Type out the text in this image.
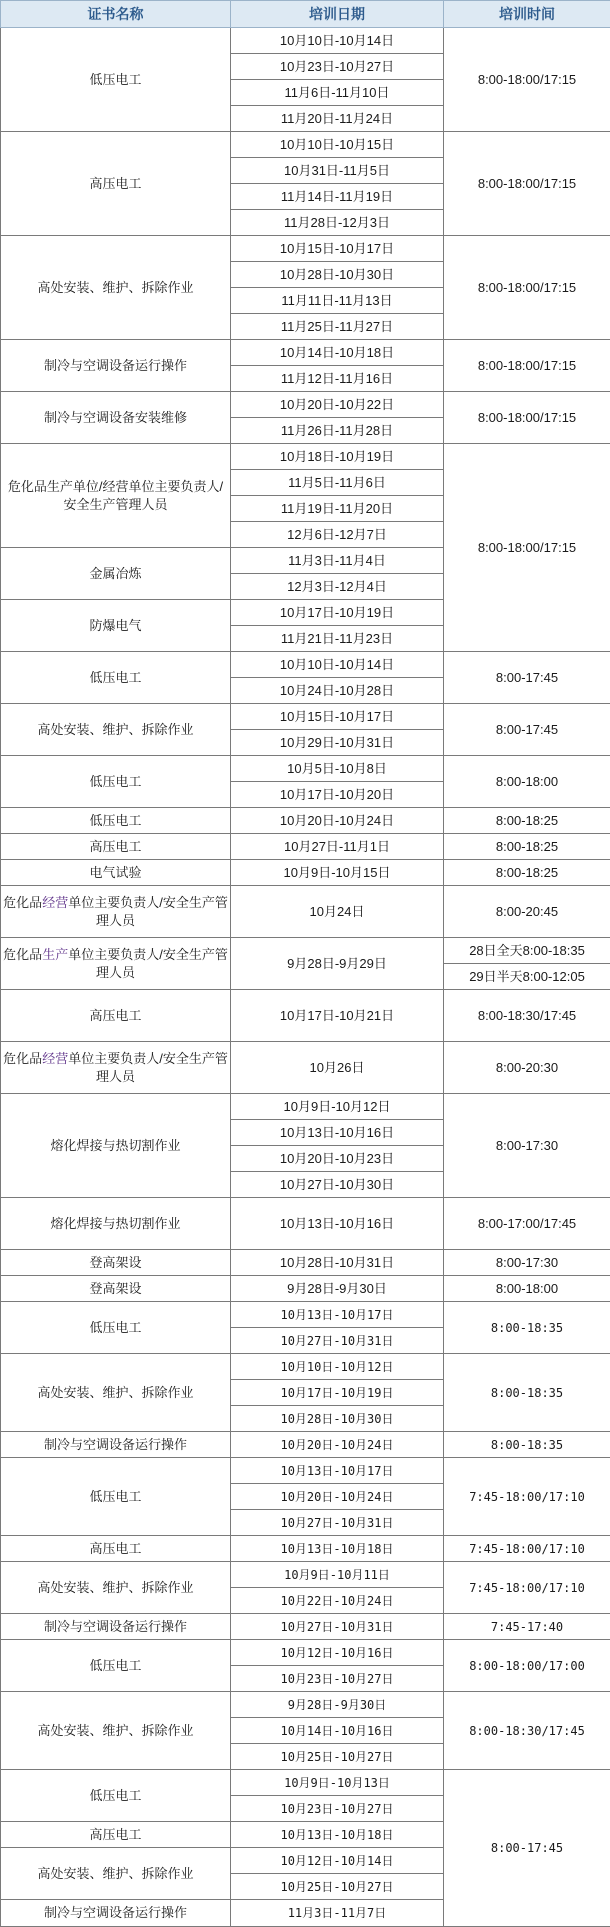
证书名称	培训日期	培训时间
低压电工	10月10日-10月14日	8:00-18:00/17:15
	10月23日-10月27日	
	11月6日-11月10日	
	11月20日-11月24日	
高压电工	10月10日-10月15日	8:00-18:00/17:15
	10月31日-11月5日	
	11月14日-11月19日	
	11月28日-12月3日	
高处安装、维护、拆除作业	10月15日-10月17日	8:00-18:00/17:15
	10月28日-10月30日	
	11月11日-11月13日	
	11月25日-11月27日	
制冷与空调设备运行操作	10月14日-10月18日	8:00-18:00/17:15
	11月12日-11月16日	
制冷与空调设备安装维修	10月20日-10月22日	8:00-18:00/17:15
	11月26日-11月28日	
危化品生产单位/经营单位主要负责人/安全生产管理人员	10月18日-10月19日	8:00-18:00/17:15
	11月5日-11月6日	
	11月19日-11月20日	
	12月6日-12月7日	
金属冶炼	11月3日-11月4日	
	12月3日-12月4日	
防爆电气	10月17日-10月19日	
	11月21日-11月23日	
低压电工	10月10日-10月14日	8:00-17:45
	10月24日-10月28日	
高处安装、维护、拆除作业	10月15日-10月17日	8:00-17:45
	10月29日-10月31日	
低压电工	10月5日-10月8日	8:00-18:00
	10月17日-10月20日	
低压电工	10月20日-10月24日	8:00-18:25
高压电工	10月27日-11月1日	8:00-18:25
电气试验	10月9日-10月15日	8:00-18:25
危化品经营单位主要负责人/安全生产管理人员	10月24日	8:00-20:45
危化品生产单位主要负责人/安全生产管理人员	9月28日-9月29日	28日全天8:00-18:35
		29日半天8:00-12:05
高压电工	10月17日-10月21日	8:00-18:30/17:45
危化品经营单位主要负责人/安全生产管理人员	10月26日	8:00-20:30
熔化焊接与热切割作业	10月9日-10月12日	8:00-17:30
	10月13日-10月16日	
	10月20日-10月23日	
	10月27日-10月30日	
熔化焊接与热切割作业	10月13日-10月16日	8:00-17:00/17:45
登高架设	10月28日-10月31日	8:00-17:30
登高架设	9月28日-9月30日	8:00-18:00
低压电工	10月13日-10月17日	8:00-18:35
	10月27日-10月31日	
高处安装、维护、拆除作业	10月10日-10月12日	8:00-18:35
	10月17日-10月19日	
	10月28日-10月30日	
制冷与空调设备运行操作	10月20日-10月24日	8:00-18:35
低压电工	10月13日-10月17日	7:45-18:00/17:10
	10月20日-10月24日	
	10月27日-10月31日	
高压电工	10月13日-10月18日	7:45-18:00/17:10
高处安装、维护、拆除作业	10月9日-10月11日	7:45-18:00/17:10
	10月22日-10月24日	
制冷与空调设备运行操作	10月27日-10月31日	7:45-17:40
低压电工	10月12日-10月16日	8:00-18:00/17:00
	10月23日-10月27日	
高处安装、维护、拆除作业	9月28日-9月30日	8:00-18:30/17:45
	10月14日-10月16日	
	10月25日-10月27日	
低压电工	10月9日-10月13日	8:00-17:45
	10月23日-10月27日	
高压电工	10月13日-10月18日	
高处安装、维护、拆除作业	10月12日-10月14日	
	10月25日-10月27日	
制冷与空调设备运行操作	11月3日-11月7日	
